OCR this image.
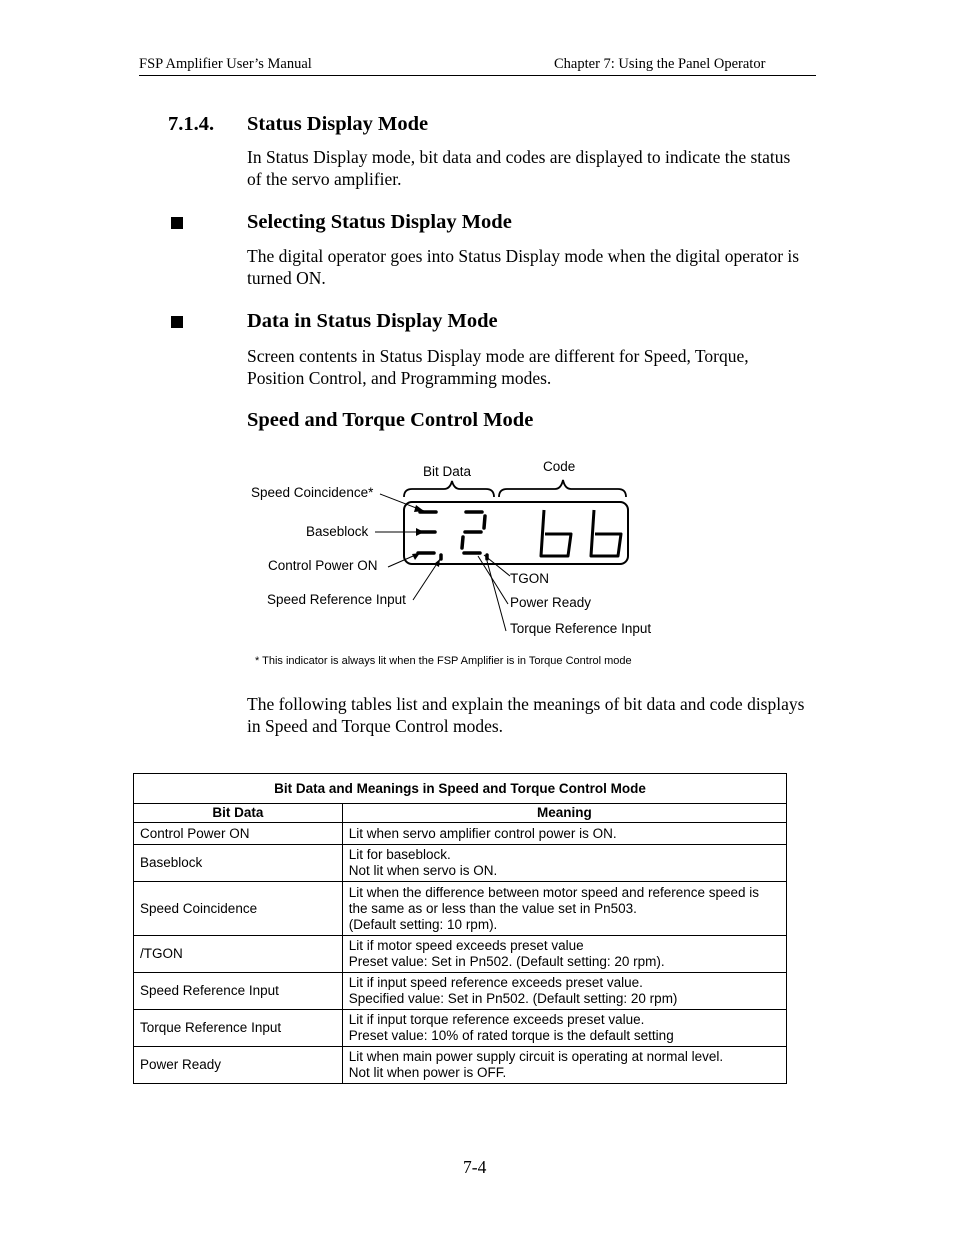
FSP Amplifier User’s Manual	Chapter 7: Using the Panel Operator
7.1.4. Status Display Mode
In Status Display mode, bit data and codes are displayed to indicate the status of the servo amplifier.
Selecting Status Display Mode
The digital operator goes into Status Display mode when the digital operator is turned ON.
Data in Status Display Mode
Screen contents in Status Display mode are different for Speed, Torque, Position Control, and Programming modes.
Speed and Torque Control Mode
Bit Data	Code
Speed Coincidence*
Baseblock
Control Power ON
Speed Reference Input
TGON
Power Ready
Torque Reference Input
* This indicator is always lit when the FSP Amplifier is in Torque Control mode
The following tables list and explain the meanings of bit data and code displays in Speed and Torque Control modes.
Bit Data and Meanings in Speed and Torque Control Mode	
Bit Data	Meaning
Control Power ON	Lit when servo amplifier control power is ON.

Baseblock	Lit for baseblock.
Not lit when servo is ON.

Speed Coincidence	Lit when the difference between motor speed and reference speed is the same as or less than the value set in Pn503.
(Default setting: 10 rpm).

/TGON	Lit if motor speed exceeds preset value
Preset value: Set in Pn502. (Default setting: 20 rpm).

Speed Reference Input	Lit if input speed reference exceeds preset value.
Specified value: Set in Pn502. (Default setting: 20 rpm)

Torque Reference Input	Lit if input torque reference exceeds preset value.
Preset value: 10% of rated torque is the default setting

Power Ready	Lit when main power supply circuit is operating at normal level.
Not lit when power is OFF.
7-4
